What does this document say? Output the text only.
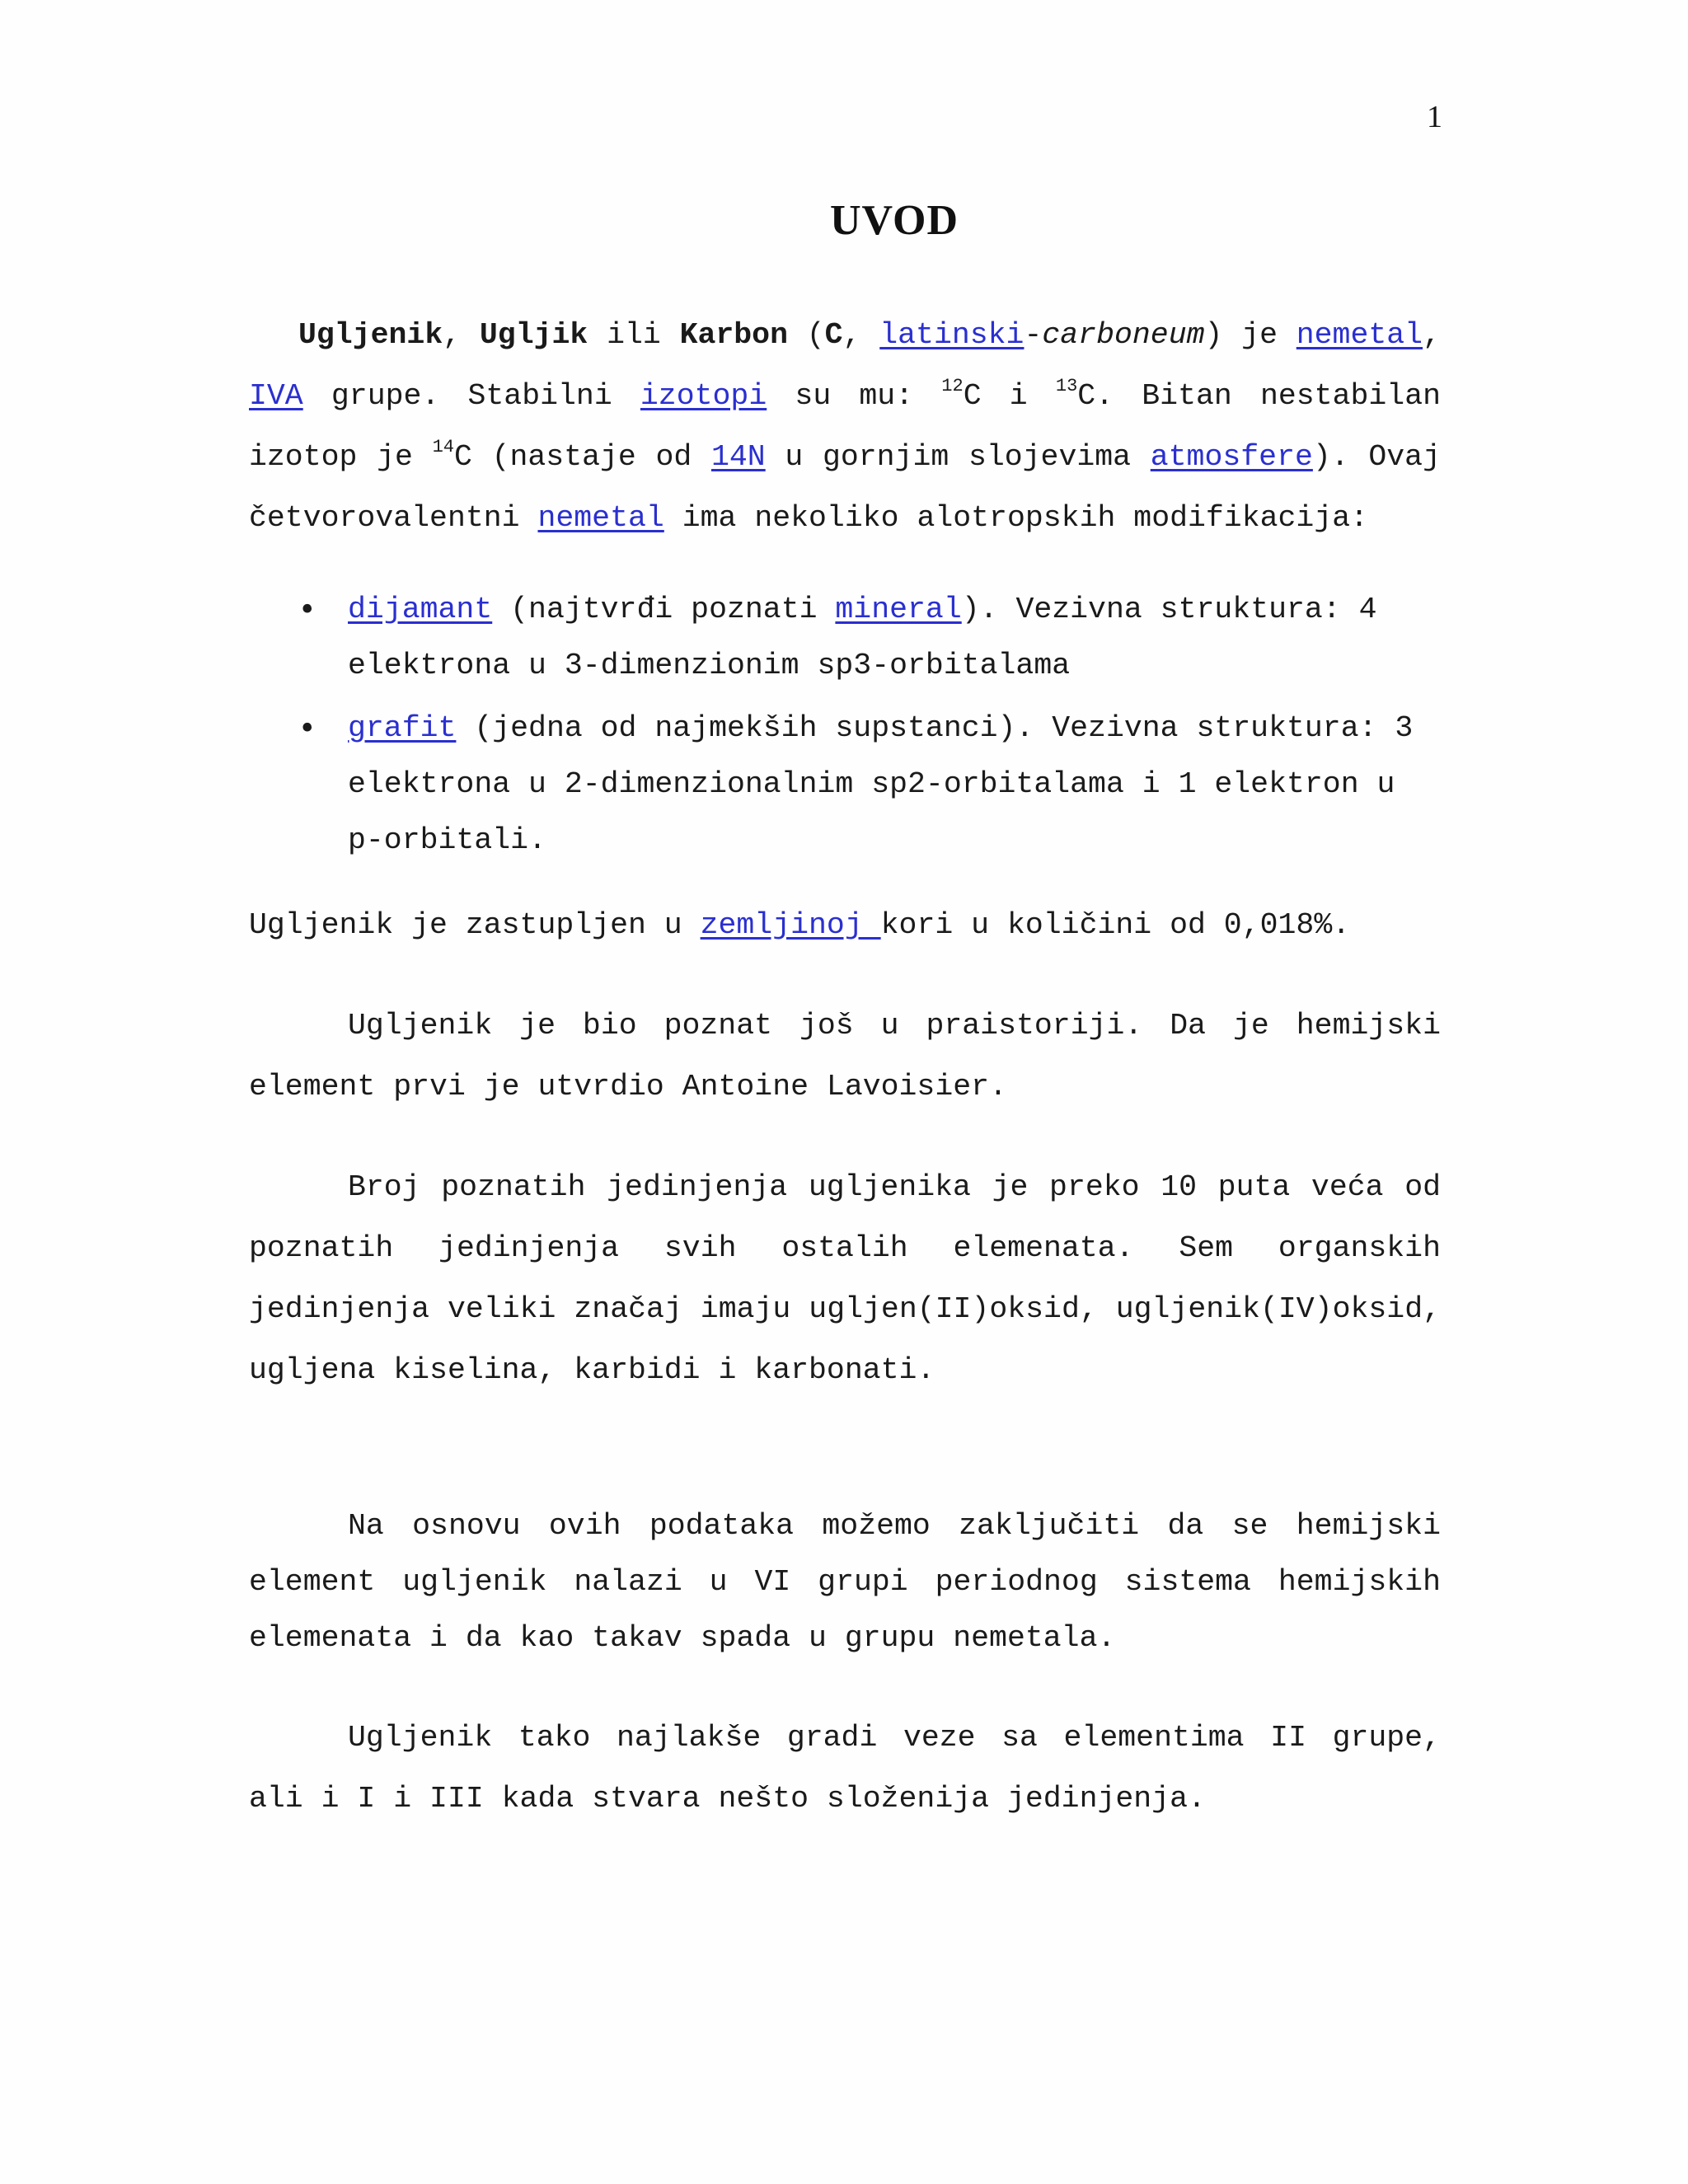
1
UVOD

Ugljenik, Ugljik ili Karbon (C, latinski-carboneum) je nemetal, IVA grupe. Stabilni izotopi su mu: $^{12}$C i $^{13}$C. Bitan nestabilan izotop je $^{14}$C (nastaje od 14N u gornjim slojevima atmosfere). Ovaj četvorovalentni nemetal ima nekoliko alotropskih modifikacija:

• dijamant (najtvrđi poznati mineral). Vezivna struktura: 4 elektrona u 3-dimenzionim sp3-orbitalama
• grafit (jedna od najmekših supstanci). Vezivna struktura: 3 elektrona u 2-dimenzionalnim sp2-orbitalama i 1 elektron u p-orbitali.

Ugljenik je zastupljen u zemljinoj kori u količini od 0,018%.

Ugljenik je bio poznat još u praistoriji. Da je hemijski element prvi je utvrdio Antoine Lavoisier.

Broj poznatih jedinjenja ugljenika je preko 10 puta veća od poznatih jedinjenja svih ostalih elemenata. Sem organskih jedinjenja veliki značaj imaju ugljen(II)oksid, ugljenik(IV)oksid, ugljena kiselina, karbidi i karbonati.

Na osnovu ovih podataka možemo zaključiti da se hemijski element ugljenik nalazi u VI grupi periodnog sistema hemijskih elemenata i da kao takav spada u grupu nemetala.

Ugljenik tako najlakše gradi veze sa elementima II grupe, ali i I i III kada stvara nešto složenija jedinjenja.
